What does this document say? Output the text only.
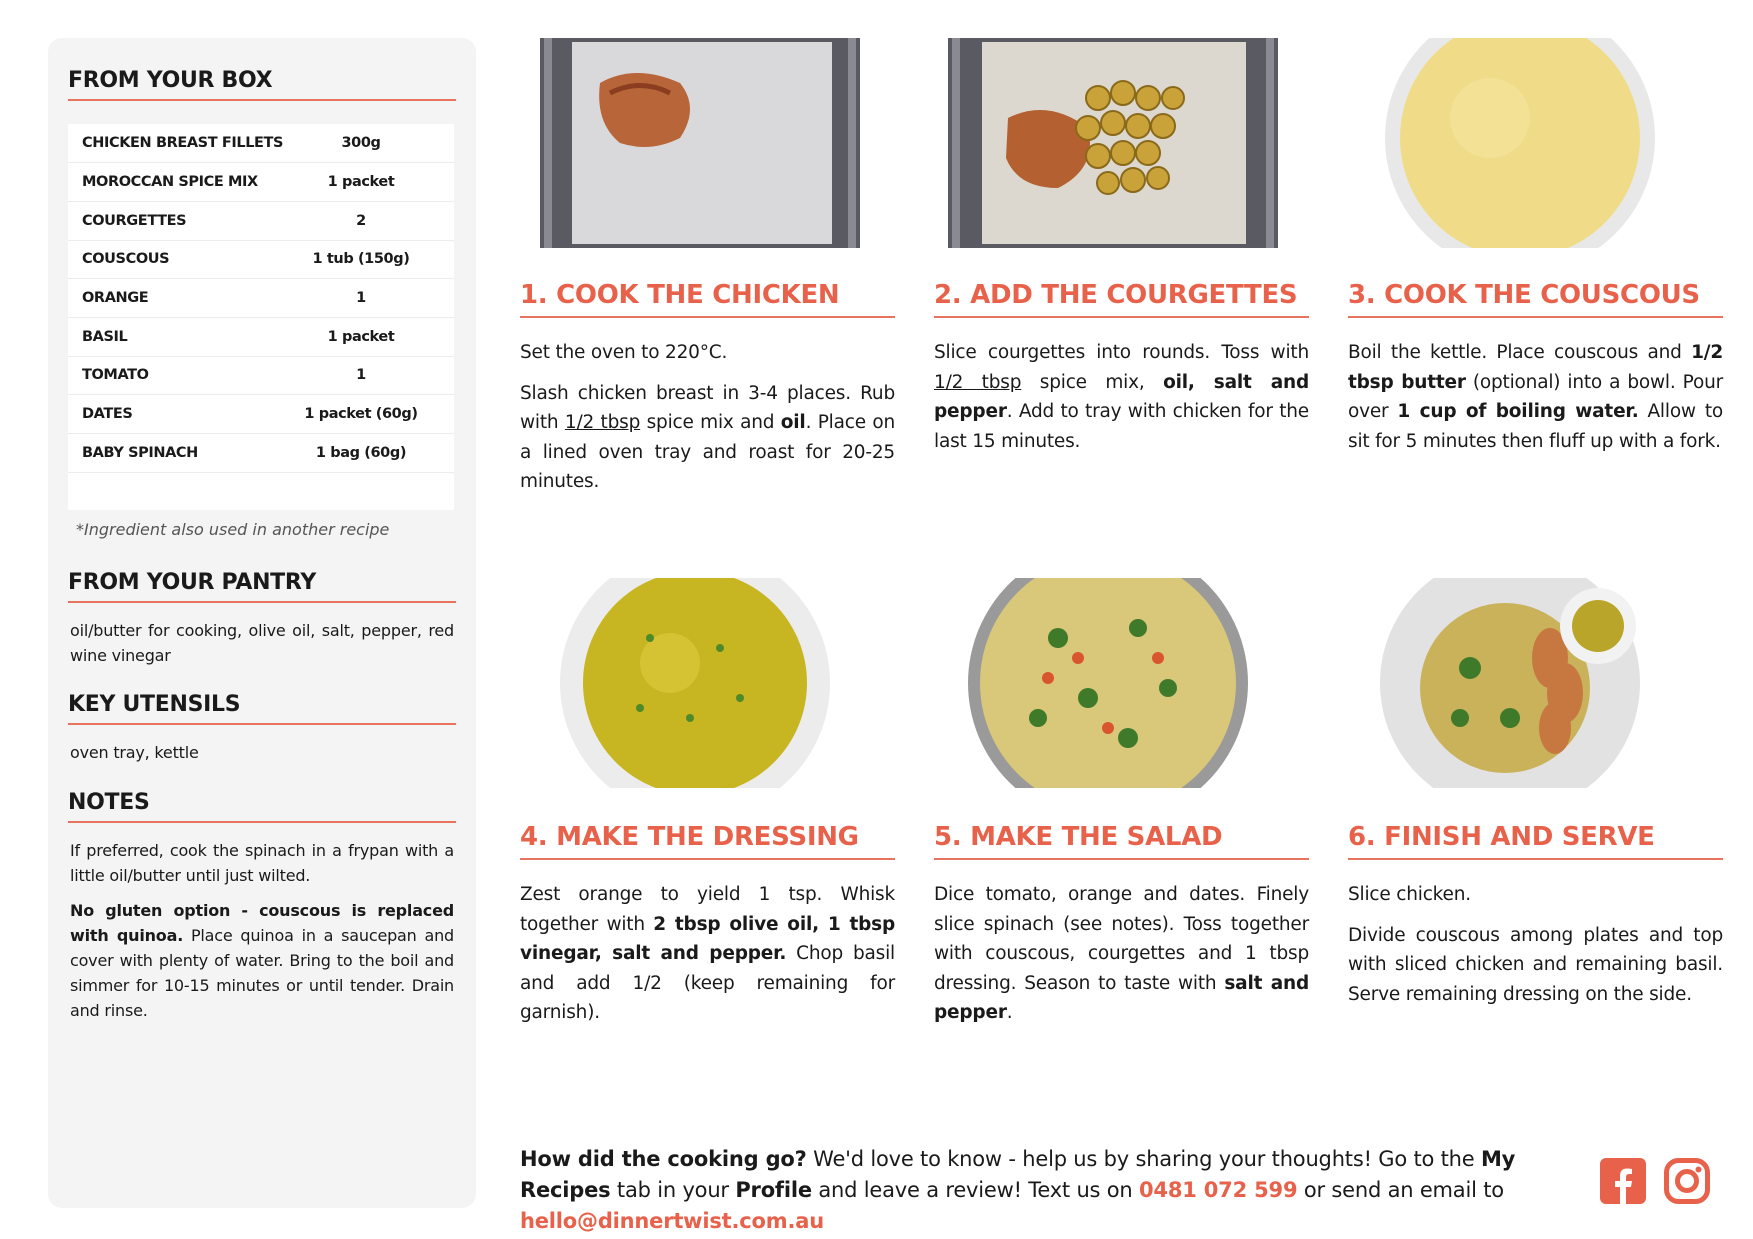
FROM YOUR BOX
CHICKEN BREAST FILLETS	300g
MOROCCAN SPICE MIX	1 packet
COURGETTES	2
COUSCOUS	1 tub (150g)
ORANGE	1
BASIL	1 packet
TOMATO	1
DATES	1 packet (60g)
BABY SPINACH	1 bag (60g)

*Ingredient also used in another recipe
FROM YOUR PANTRY
oil/butter for cooking, olive oil, salt, pepper, red wine vinegar
KEY UTENSILS
oven tray, kettle
NOTES
If preferred, cook the spinach in a frypan with a little oil/butter until just wilted.
No gluten option - couscous is replaced with quinoa. Place quinoa in a saucepan and cover with plenty of water. Bring to the boil and simmer for 10-15 minutes or until tender. Drain and rinse.
1. COOK THE CHICKEN

Set the oven to 220°C.

Slash chicken breast in 3-4 places. Rub with 1/2 tbsp spice mix and oil. Place on a lined oven tray and roast for 20-25 minutes.

2. ADD THE COURGETTES

Slice courgettes into rounds. Toss with 1/2 tbsp spice mix, oil, salt and pepper. Add to tray with chicken for the last 15 minutes.

3. COOK THE COUSCOUS

Boil the kettle. Place couscous and 1/2 tbsp butter (optional) into a bowl. Pour over 1 cup of boiling water. Allow to sit for 5 minutes then fluff up with a fork.

4. MAKE THE DRESSING

Zest orange to yield 1 tsp. Whisk together with 2 tbsp olive oil, 1 tbsp vinegar, salt and pepper. Chop basil and add 1/2 (keep remaining for garnish).

5. MAKE THE SALAD

Dice tomato, orange and dates. Finely slice spinach (see notes). Toss together with couscous, courgettes and 1 tbsp dressing. Season to taste with salt and pepper.

6. FINISH AND SERVE

Slice chicken.

Divide couscous among plates and top with sliced chicken and remaining basil. Serve remaining dressing on the side.

How did the cooking go? We'd love to know - help us by sharing your thoughts! Go to the My Recipes tab in your Profile and leave a review! Text us on 0481 072 599 or send an email to hello@dinnertwist.com.au
